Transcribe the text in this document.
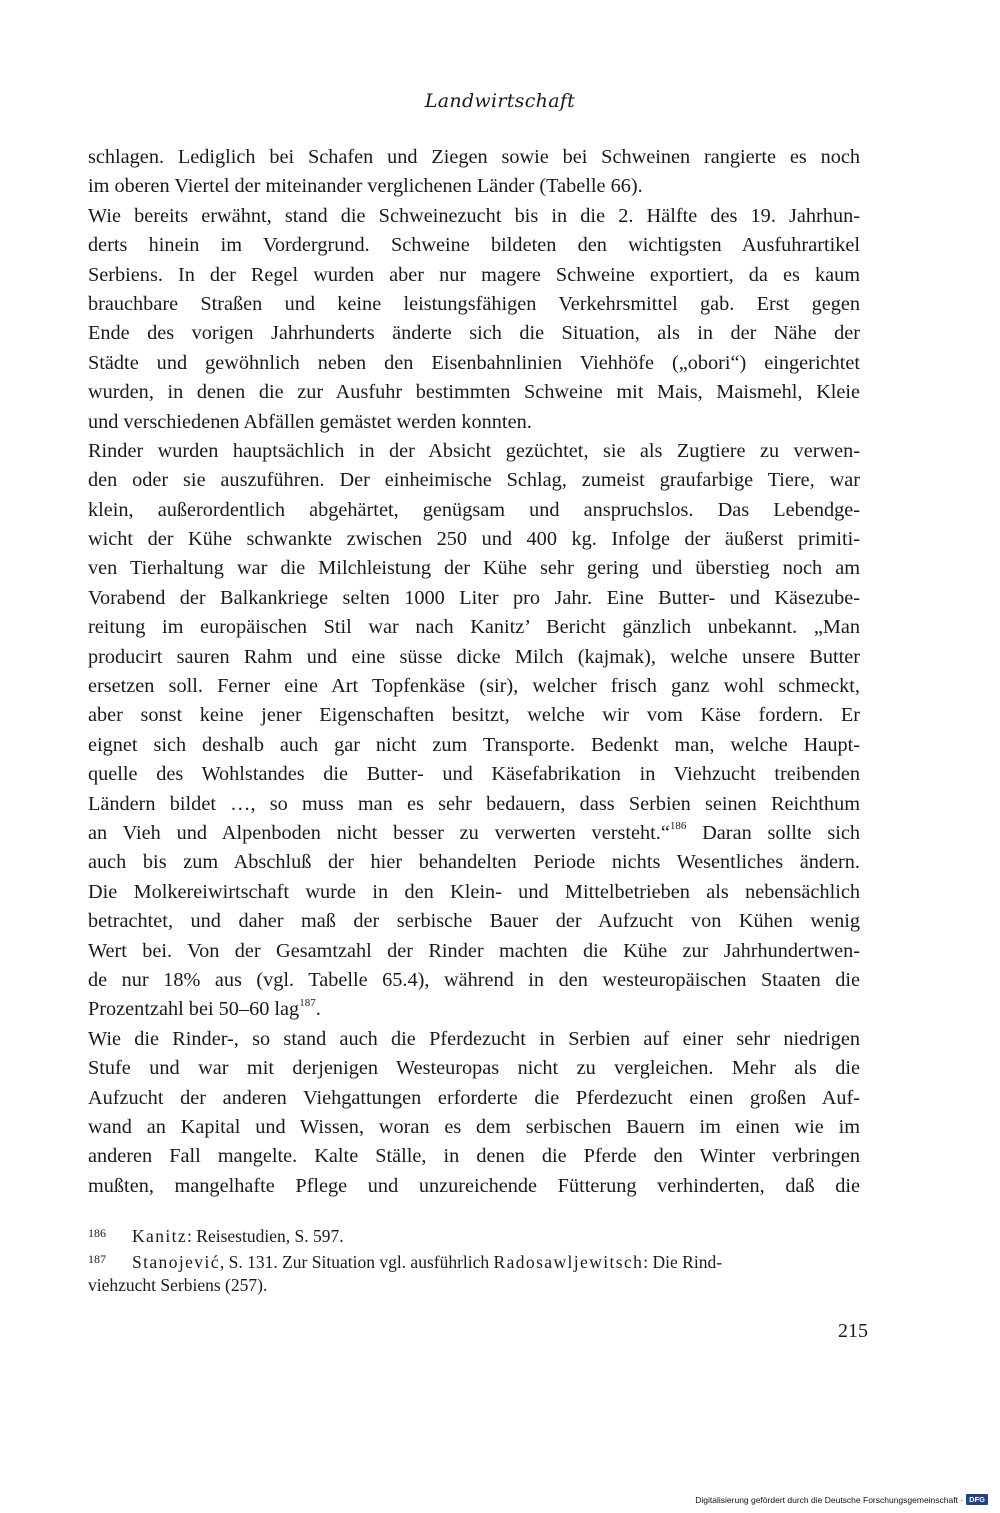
Landwirtschaft
schlagen. Lediglich bei Schafen und Ziegen sowie bei Schweinen rangierte es noch
im oberen Viertel der miteinander verglichenen Länder (Tabelle 66).
Wie bereits erwähnt, stand die Schweinezucht bis in die 2. Hälfte des 19. Jahrhun-
derts hinein im Vordergrund. Schweine bildeten den wichtigsten Ausfuhrartikel
Serbiens. In der Regel wurden aber nur magere Schweine exportiert, da es kaum
brauchbare Straßen und keine leistungsfähigen Verkehrsmittel gab. Erst gegen
Ende des vorigen Jahrhunderts änderte sich die Situation, als in der Nähe der
Städte und gewöhnlich neben den Eisenbahnlinien Viehhöfe („obori“) eingerichtet
wurden, in denen die zur Ausfuhr bestimmten Schweine mit Mais, Maismehl, Kleie
und verschiedenen Abfällen gemästet werden konnten.
Rinder wurden hauptsächlich in der Absicht gezüchtet, sie als Zugtiere zu verwen-
den oder sie auszuführen. Der einheimische Schlag, zumeist graufarbige Tiere, war
klein, außerordentlich abgehärtet, genügsam und anspruchslos. Das Lebendge-
wicht der Kühe schwankte zwischen 250 und 400 kg. Infolge der äußerst primiti-
ven Tierhaltung war die Milchleistung der Kühe sehr gering und überstieg noch am
Vorabend der Balkankriege selten 1000 Liter pro Jahr. Eine Butter- und Käsezube-
reitung im europäischen Stil war nach Kanitz’ Bericht gänzlich unbekannt. „Man
producirt sauren Rahm und eine süsse dicke Milch (kajmak), welche unsere Butter
ersetzen soll. Ferner eine Art Topfenkäse (sir), welcher frisch ganz wohl schmeckt,
aber sonst keine jener Eigenschaften besitzt, welche wir vom Käse fordern. Er
eignet sich deshalb auch gar nicht zum Transporte. Bedenkt man, welche Haupt-
quelle des Wohlstandes die Butter- und Käsefabrikation in Viehzucht treibenden
Ländern bildet …, so muss man es sehr bedauern, dass Serbien seinen Reichthum
an Vieh und Alpenboden nicht besser zu verwerten versteht.“$^{186}$ Daran sollte sich
auch bis zum Abschluß der hier behandelten Periode nichts Wesentliches ändern.
Die Molkereiwirtschaft wurde in den Klein- und Mittelbetrieben als nebensächlich
betrachtet, und daher maß der serbische Bauer der Aufzucht von Kühen wenig
Wert bei. Von der Gesamtzahl der Rinder machten die Kühe zur Jahrhundertwen-
de nur 18% aus (vgl. Tabelle 65.4), während in den westeuropäischen Staaten die
Prozentzahl bei 50–60 lag$^{187}$.
Wie die Rinder-, so stand auch die Pferdezucht in Serbien auf einer sehr niedrigen
Stufe und war mit derjenigen Westeuropas nicht zu vergleichen. Mehr als die
Aufzucht der anderen Viehgattungen erforderte die Pferdezucht einen großen Auf-
wand an Kapital und Wissen, woran es dem serbischen Bauern im einen wie im
anderen Fall mangelte. Kalte Ställe, in denen die Pferde den Winter verbringen
mußten, mangelhafte Pflege und unzureichende Fütterung verhinderten, daß die
186 Kanitz: Reisestudien, S. 597.
187 Stanojević, S. 131. Zur Situation vgl. ausführlich Radosawljewitsch: Die Rind-
viehzucht Serbiens (257).
215
Digitalisierung gefördert durch die Deutsche Forschungsgemeinschaft · DFG
